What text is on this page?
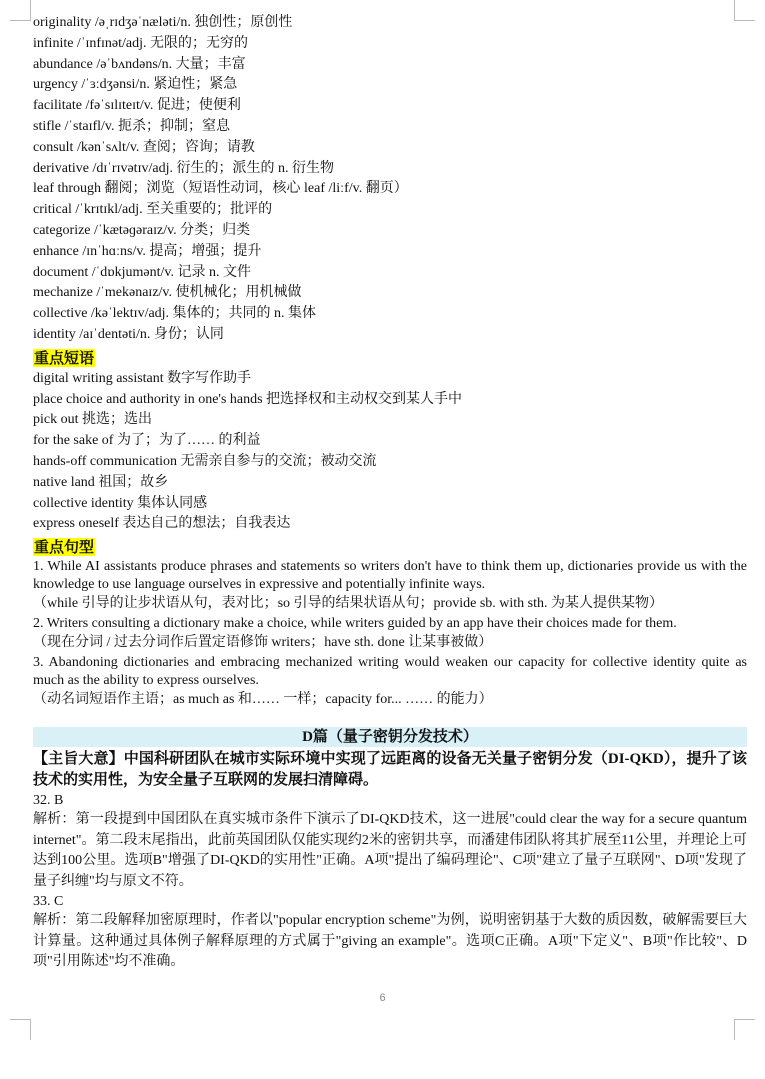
originality /əˌrɪdʒəˈnæləti/n. 独创性；原创性
infinite /ˈɪnfɪnət/adj. 无限的；无穷的
abundance /əˈbʌndəns/n. 大量；丰富
urgency /ˈɜːdʒənsi/n. 紧迫性；紧急
facilitate /fəˈsɪlɪteɪt/v. 促进；使便利
stifle /ˈstaɪfl/v. 扼杀；抑制；窒息
consult /kənˈsʌlt/v. 查阅；咨询；请教
derivative /dɪˈrɪvətɪv/adj. 衍生的；派生的 n. 衍生物
leaf through 翻阅；浏览（短语性动词，核心 leaf /liːf/v. 翻页）
critical /ˈkrɪtɪkl/adj. 至关重要的；批评的
categorize /ˈkætəɡəraɪz/v. 分类；归类
enhance /ɪnˈhɑːns/v. 提高；增强；提升
document /ˈdɒkjumənt/v. 记录 n. 文件
mechanize /ˈmekənaɪz/v. 使机械化；用机械做
collective /kəˈlektɪv/adj. 集体的；共同的 n. 集体
identity /aɪˈdentəti/n. 身份；认同
重点短语
digital writing assistant 数字写作助手
place choice and authority in one's hands 把选择权和主动权交到某人手中
pick out 挑选；选出
for the sake of 为了；为了…… 的利益
hands-off communication 无需亲自参与的交流；被动交流
native land 祖国；故乡
collective identity 集体认同感
express oneself 表达自己的想法；自我表达
重点句型
1. While AI assistants produce phrases and statements so writers don't have to think them up, dictionaries provide us with the knowledge to use language ourselves in expressive and potentially infinite ways.
（while 引导的让步状语从句，表对比；so 引导的结果状语从句；provide sb. with sth. 为某人提供某物）
2. Writers consulting a dictionary make a choice, while writers guided by an app have their choices made for them.
（现在分词 / 过去分词作后置定语修饰 writers；have sth. done 让某事被做）
3. Abandoning dictionaries and embracing mechanized writing would weaken our capacity for collective identity quite as much as the ability to express ourselves.
（动名词短语作主语；as much as 和…… 一样；capacity for... …… 的能力）
D篇（量子密钥分发技术）
【主旨大意】中国科研团队在城市实际环境中实现了远距离的设备无关量子密钥分发（DI-QKD），提升了该技术的实用性，为安全量子互联网的发展扫清障碍。
32. B
解析：第一段提到中国团队在真实城市条件下演示了DI-QKD技术，这一进展"could clear the way for a secure quantum internet"。第二段末尾指出，此前英国团队仅能实现约2米的密钥共享，而潘建伟团队将其扩展至11公里，并理论上可达到100公里。选项B"增强了DI-QKD的实用性"正确。A项"提出了编码理论"、C项"建立了量子互联网"、D项"发现了量子纠缠"均与原文不符。
33. C
解析：第二段解释加密原理时，作者以"popular encryption scheme"为例，说明密钥基于大数的质因数，破解需要巨大计算量。这种通过具体例子解释原理的方式属于"giving an example"。选项C正确。A项"下定义"、B项"作比较"、D项"引用陈述"均不准确。
6
